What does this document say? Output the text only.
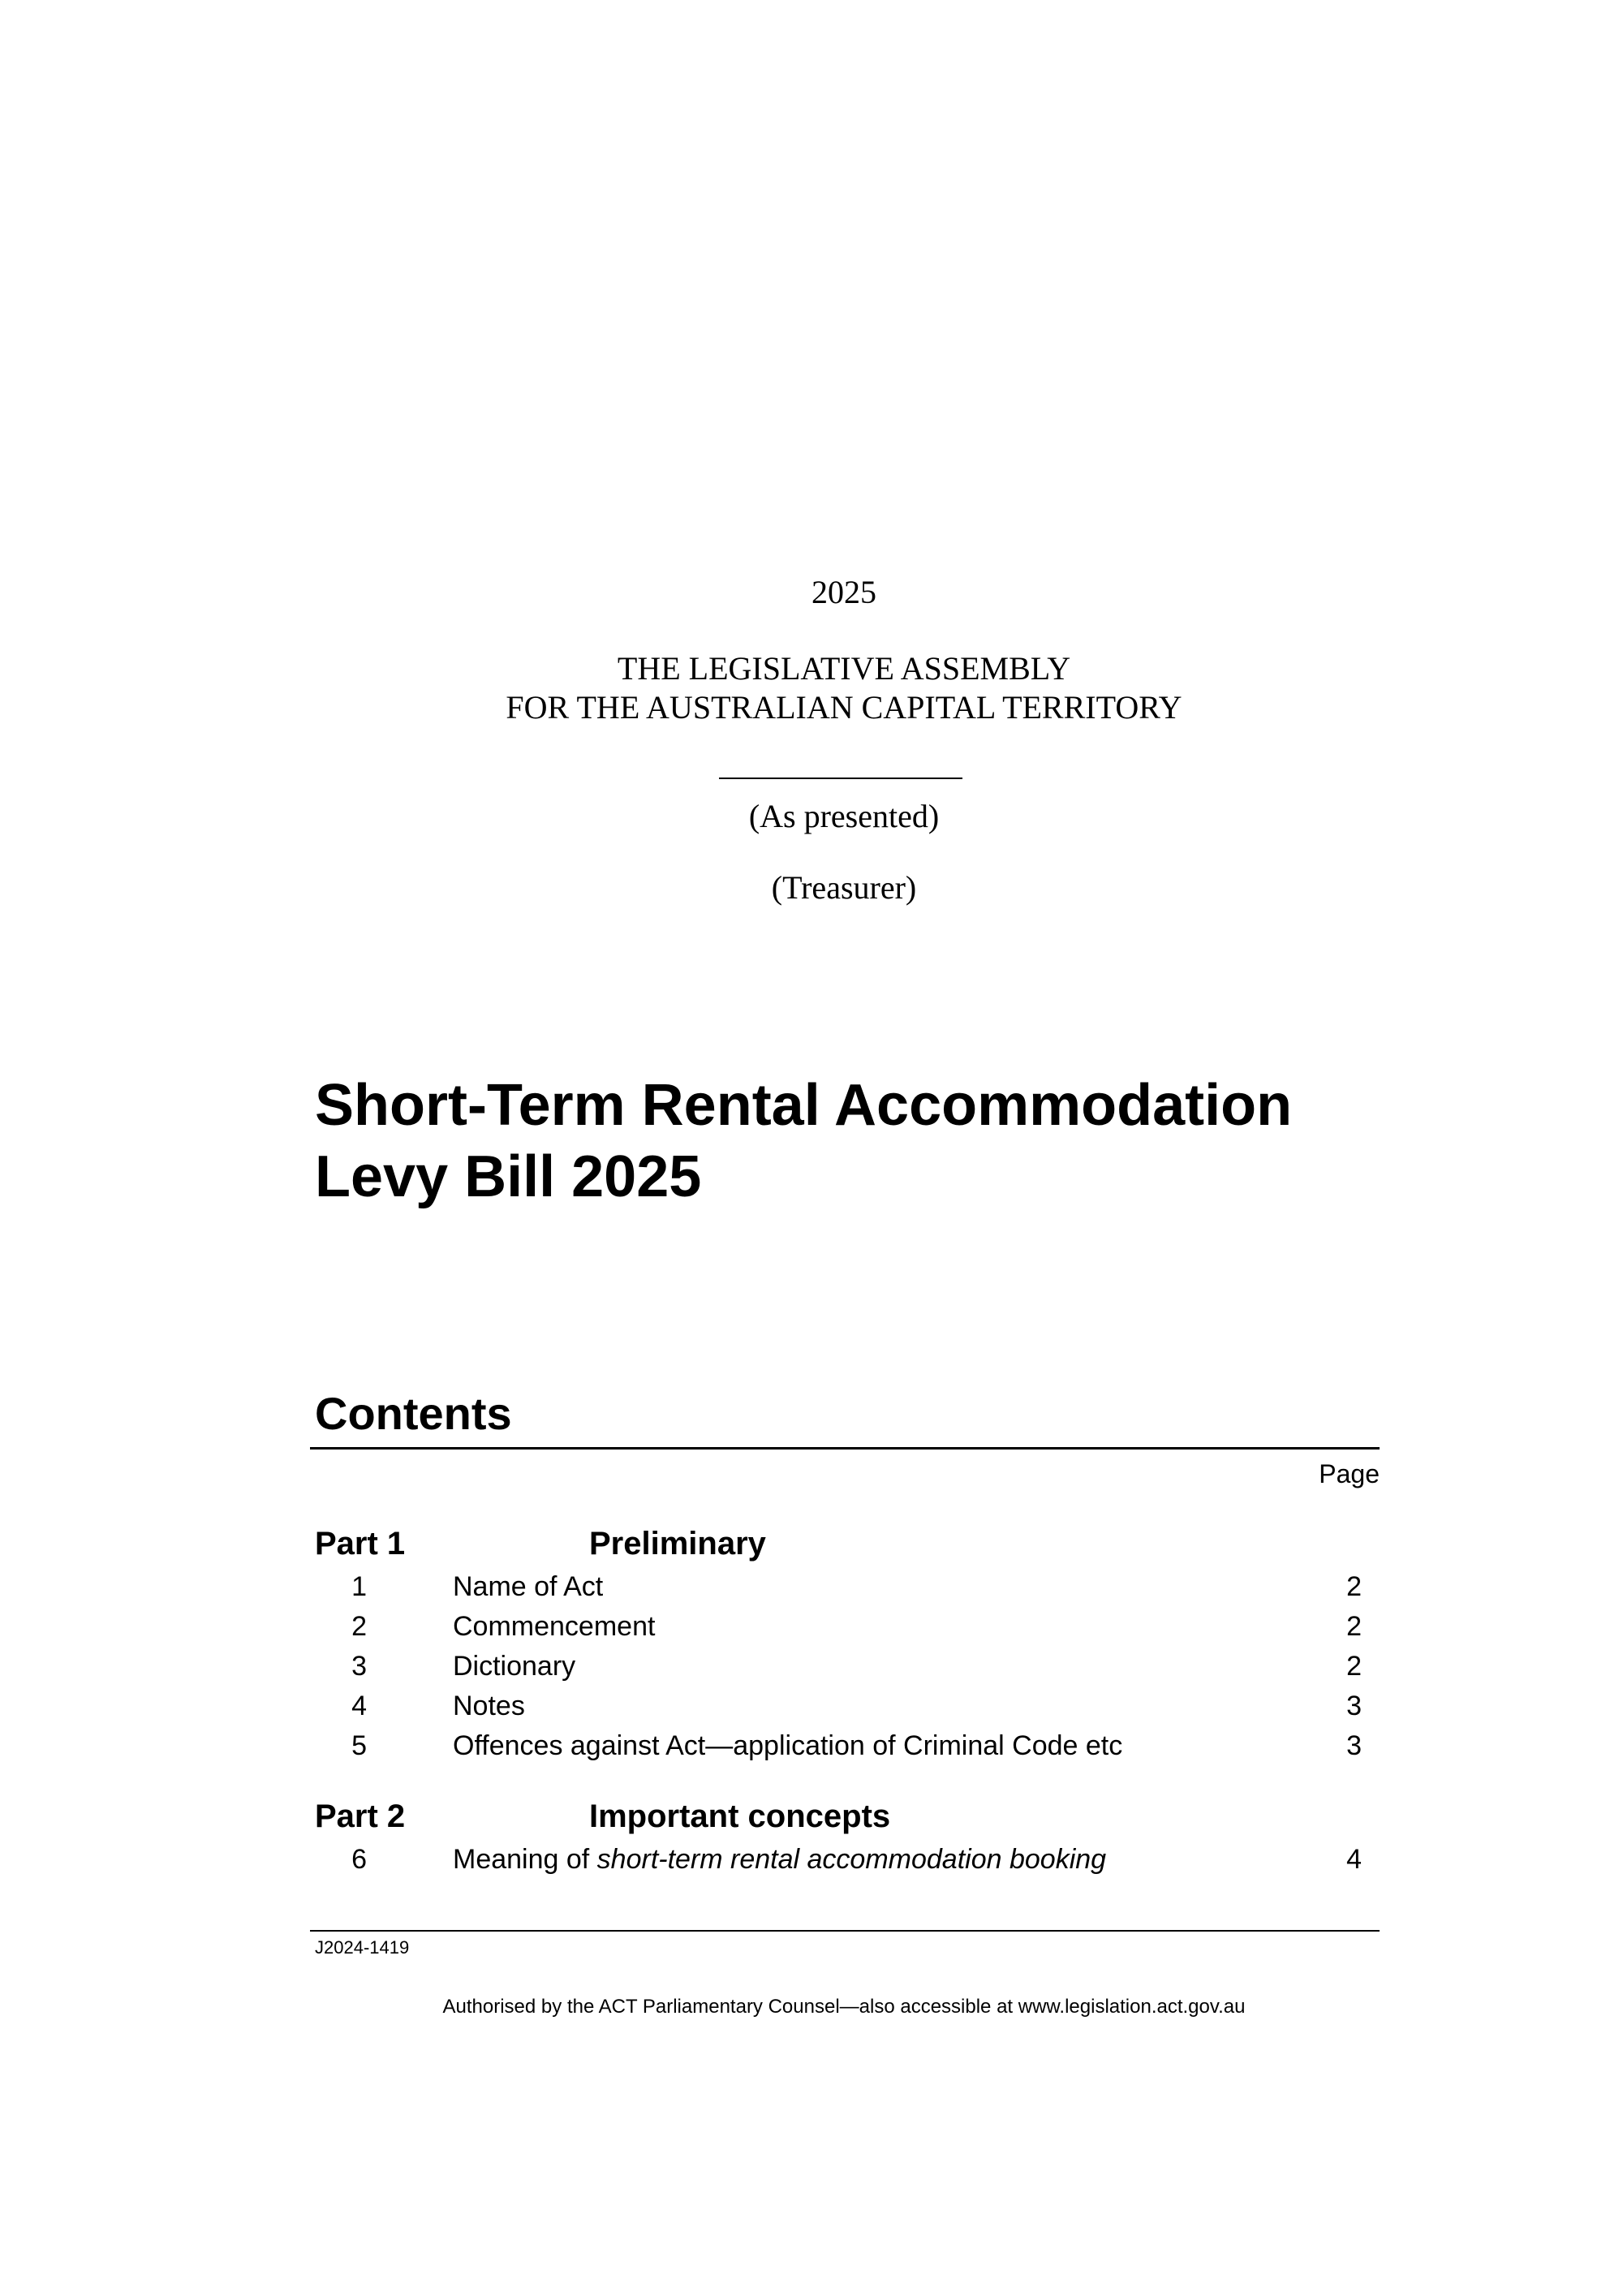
2025
THE LEGISLATIVE ASSEMBLY
FOR THE AUSTRALIAN CAPITAL TERRITORY
(As presented)
(Treasurer)
Short-Term Rental Accommodation
Levy Bill 2025
Contents
Page
Part 1	Preliminary
1	Name of Act	2
2	Commencement	2
3	Dictionary	2
4	Notes	3
5	Offences against Act—application of Criminal Code etc	3
Part 2	Important concepts
6	Meaning of short-term rental accommodation booking	4
J2024-1419
Authorised by the ACT Parliamentary Counsel—also accessible at www.legislation.act.gov.au
